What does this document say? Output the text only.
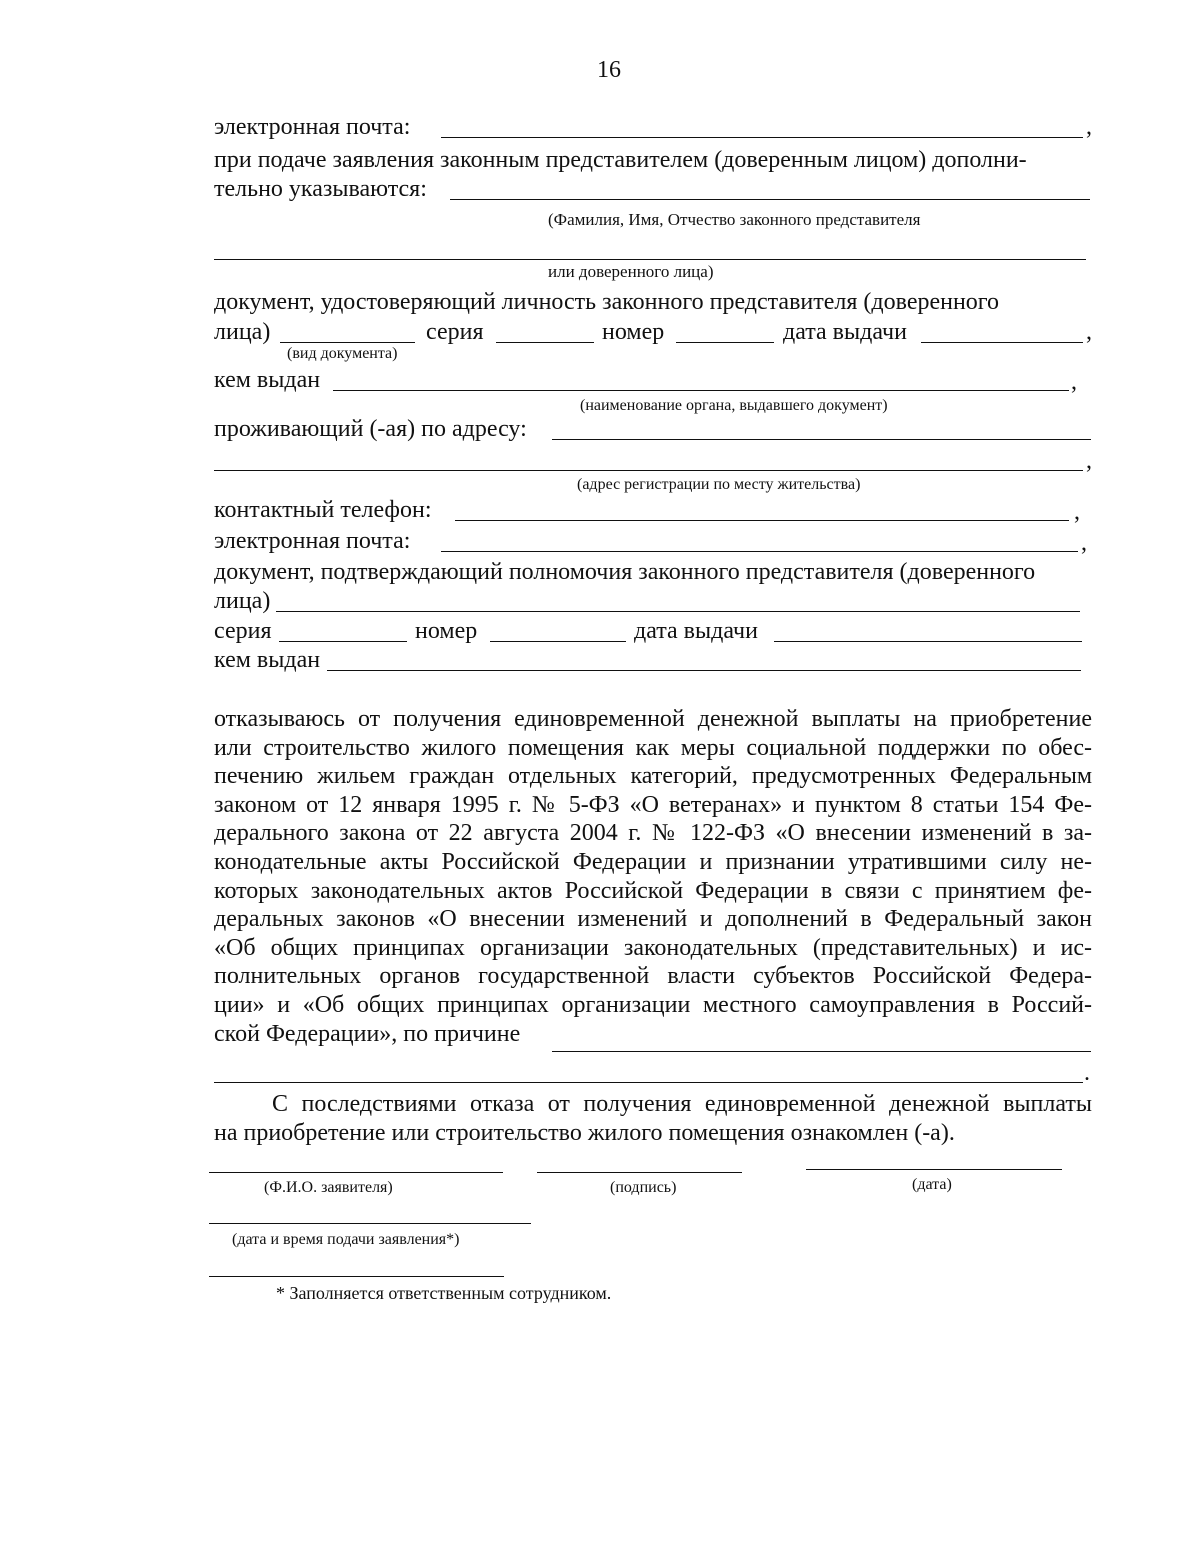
16
электронная почта:	,
при подаче заявления законным представителем (доверенным лицом) дополни-
тельно указываются:
(Фамилия, Имя, Отчество законного представителя
или доверенного лица)
документ, удостоверяющий личность законного представителя (доверенного
лица)	серия	номер	дата выдачи	,
(вид документа)
кем выдан	,
(наименование органа, выдавшего документ)
проживающий (-ая) по адресу:
,
(адрес регистрации по месту жительства)
контактный телефон:	,
электронная почта:	,
документ, подтверждающий полномочия законного представителя (доверенного
лица)
серия	номер	дата выдачи
кем выдан
отказываюсь от получения единовременной денежной выплаты на приобретение
или строительство жилого помещения как меры социальной поддержки по обес-
печению жильем граждан отдельных категорий, предусмотренных Федеральным
законом от 12 января 1995 г. № 5-ФЗ «О ветеранах» и пунктом 8 статьи 154 Фе-
дерального закона от 22 августа 2004 г. № 122-ФЗ «О внесении изменений в за-
конодательные акты Российской Федерации и признании утратившими силу не-
которых законодательных актов Российской Федерации в связи с принятием фе-
деральных законов «О внесении изменений и дополнений в Федеральный закон
«Об общих принципах организации законодательных (представительных) и ис-
полнительных органов государственной власти субъектов Российской Федера-
ции» и «Об общих принципах организации местного самоуправления в Россий-
ской Федерации», по причине
.
С последствиями отказа от получения единовременной денежной выплаты
на приобретение или строительство жилого помещения ознакомлен (-а).
(Ф.И.О. заявителя)	(подпись)	(дата)
(дата и время подачи заявления*)
* Заполняется ответственным сотрудником.
